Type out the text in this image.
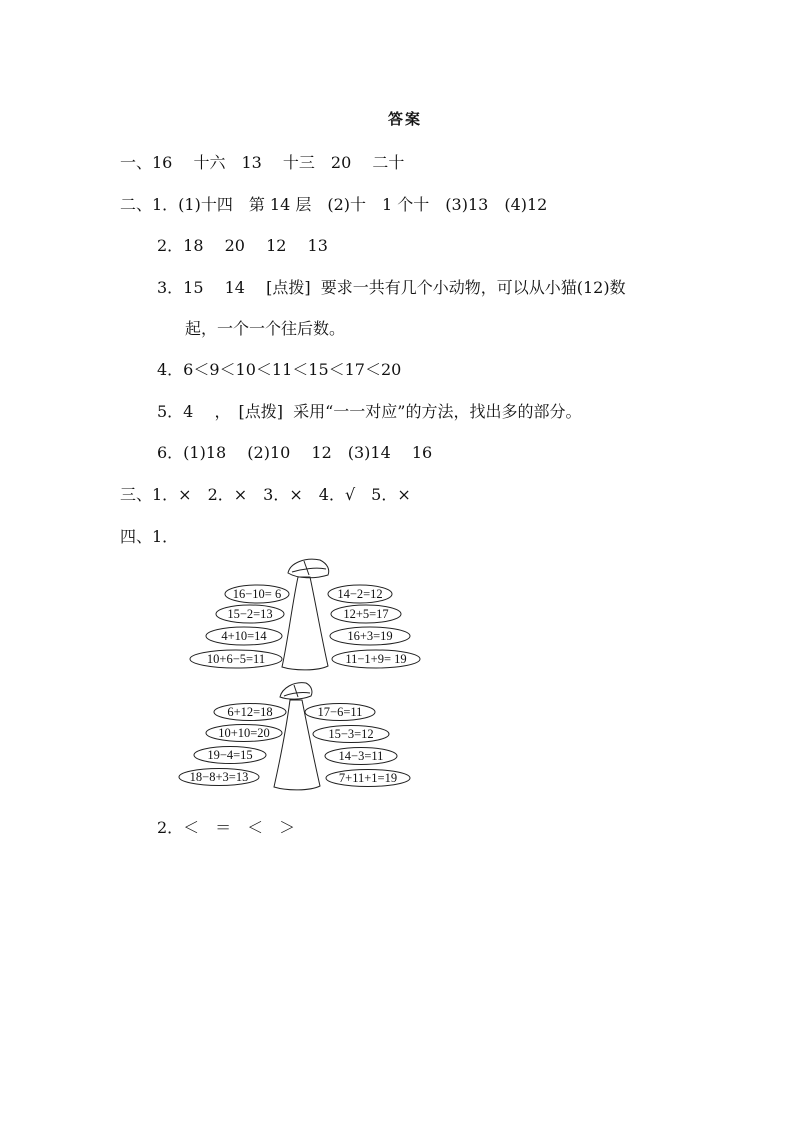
答案
一、16　 十六　13　 十三　20　 二十
二、1．(1)十四　第 14 层　(2)十　1 个十　(3)13　(4)12
2．18　 20　 12　 13
3．15　 14　 [点拨]  要求一共有几个小动物，可以从小猫(12)数
起，一个一个往后数。
4．6＜9＜10＜11＜15＜17＜20
5．4　 ，　[点拨]  采用“一一对应”的方法，找出多的部分。
6．(1)18　 (2)10　 12　(3)14　 16
三、1．×　2．×　3．×　4．√　5．×
四、1．
16−10= 6
15−2=13
4+10=14
10+6−5=11
14−2=12
12+5=17
16+3=19
11−1+9= 19
6+12=18
10+10=20
19−4=15
18−8+3=13
17−6=11
15−3=12
14−3=11
7+11+1=19
2．＜　＝　＜　＞
